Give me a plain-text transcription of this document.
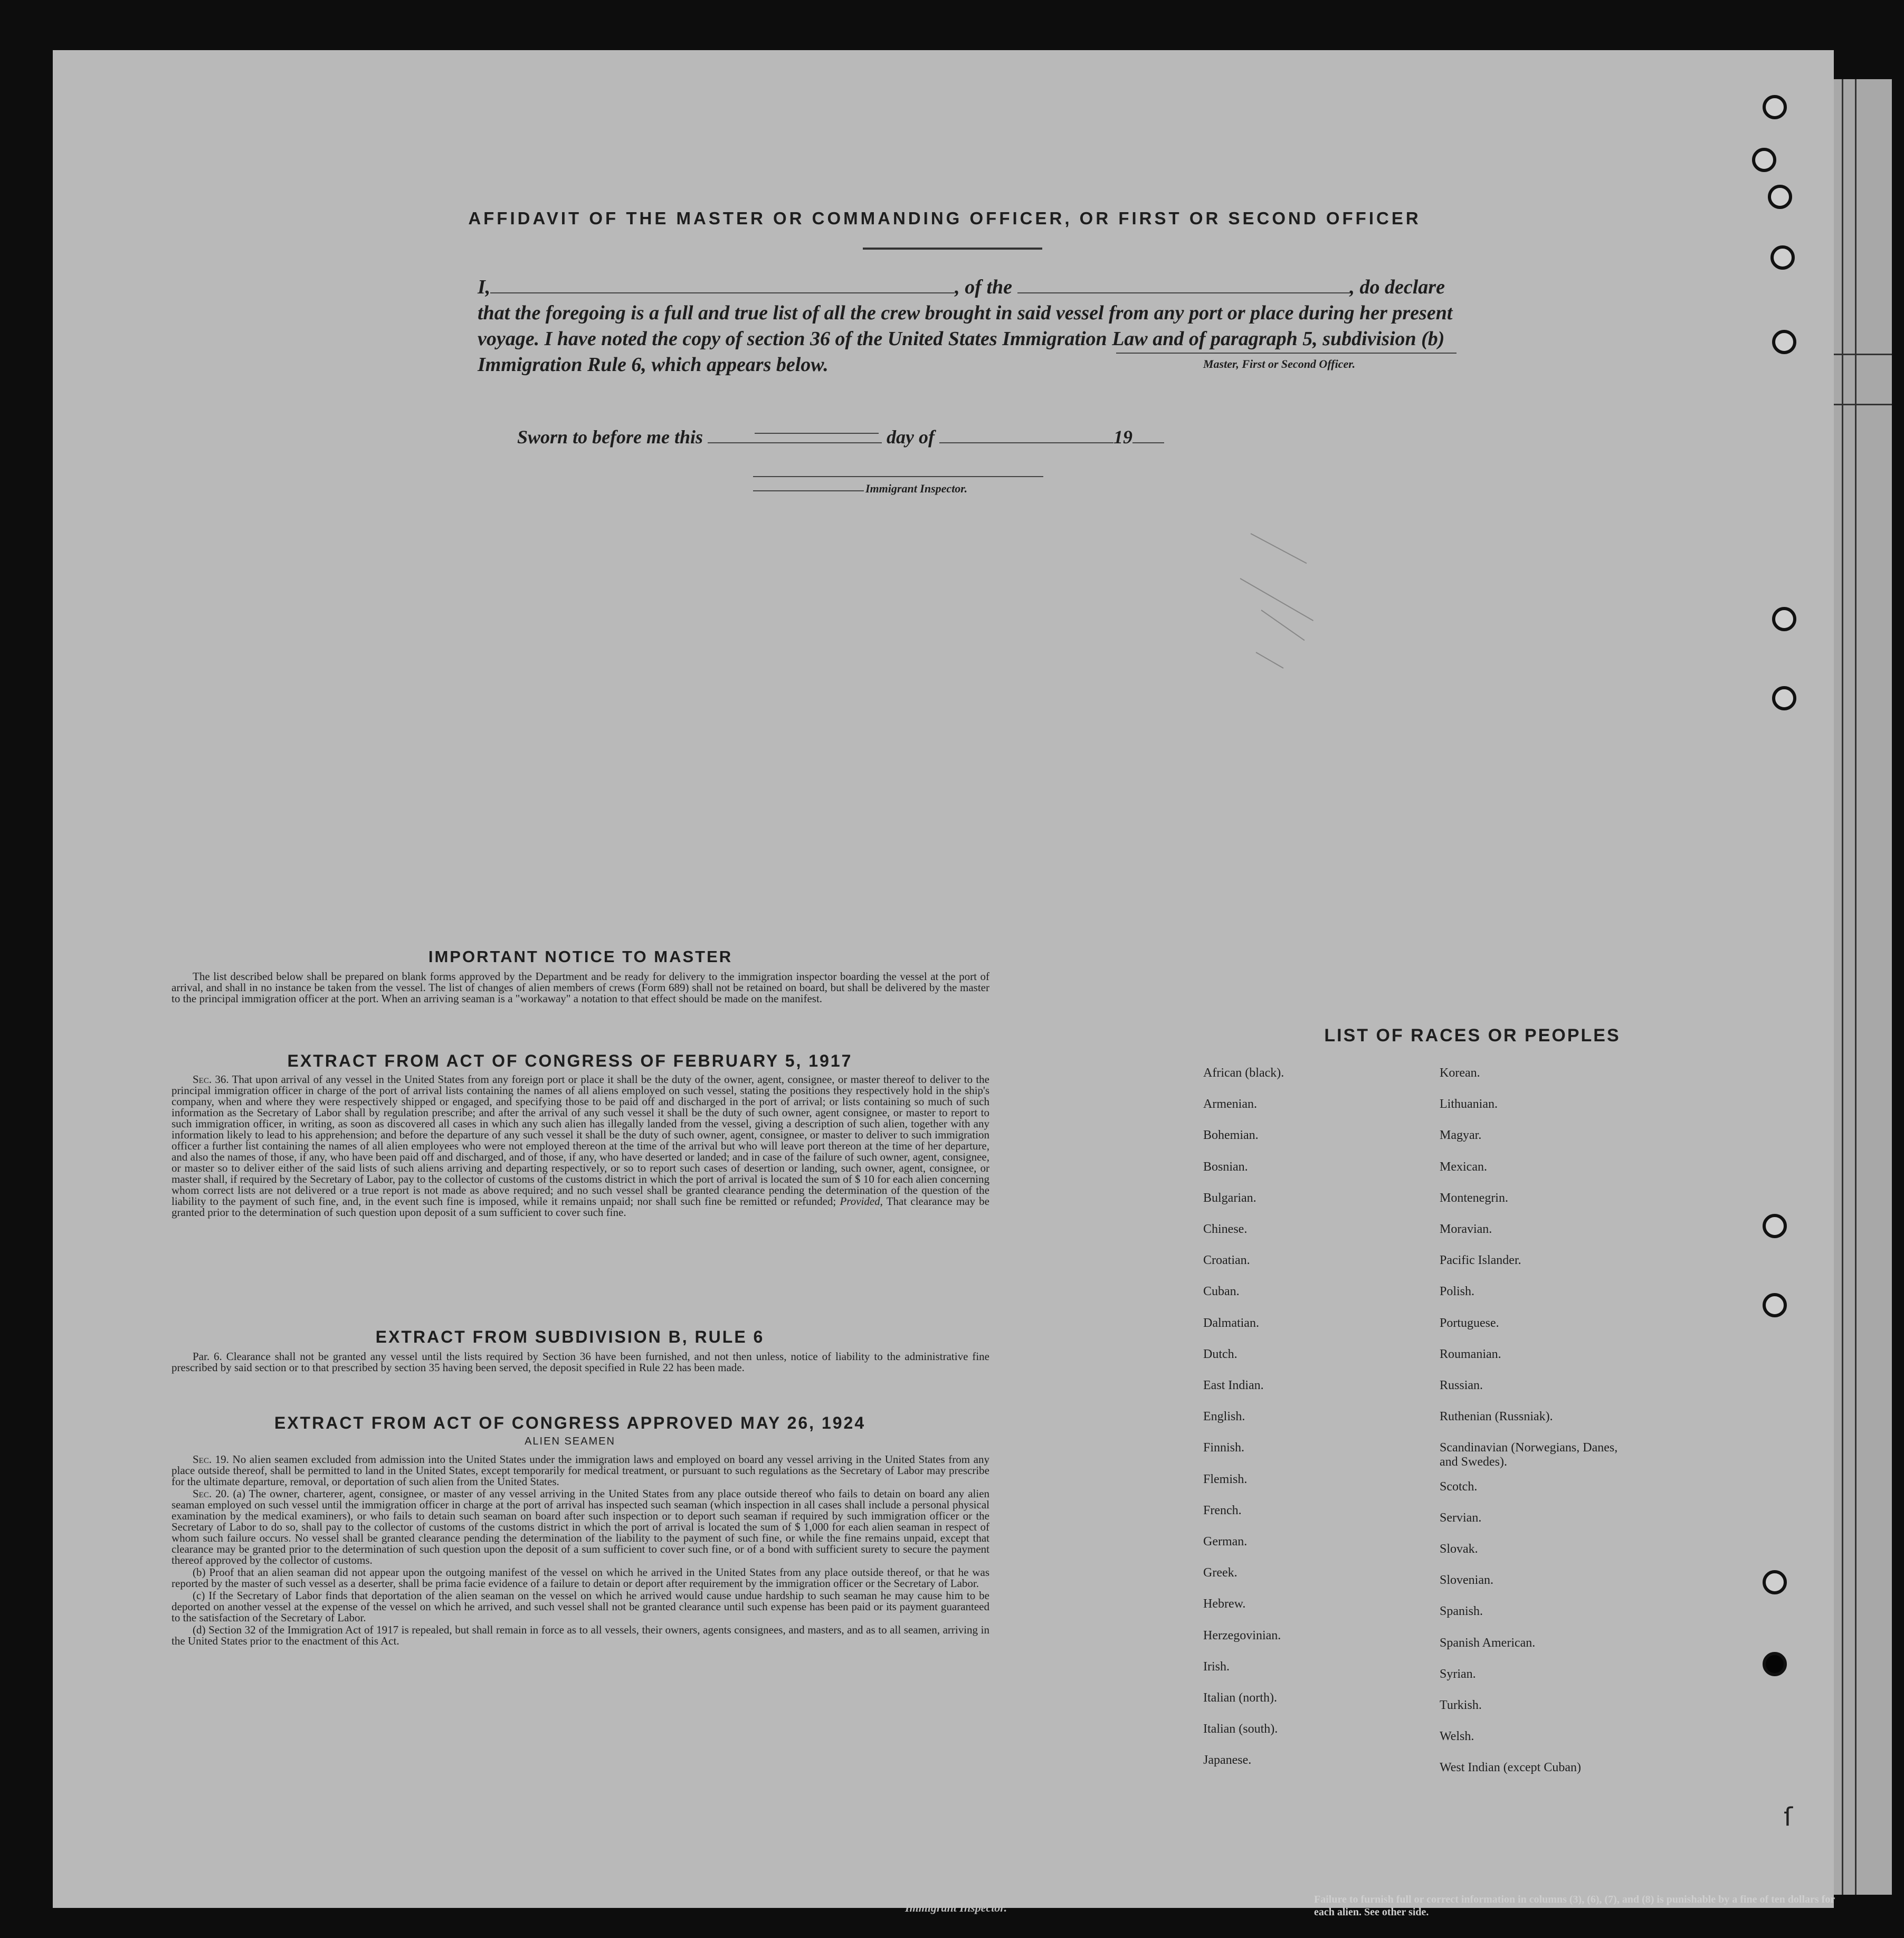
AFFIDAVIT OF THE MASTER OR COMMANDING OFFICER, OR FIRST OR SECOND OFFICER
I,	, of the	, do declare that the foregoing is a full and true list of all the crew brought in said vessel from any port or place during her present voyage. I have noted the copy of section 36 of the United States Immigration Law and of paragraph 5, subdivision (b) Immigration Rule 6, which appears below.	Master, First or Second Officer.
Sworn to before me this	day of	19
Immigrant Inspector.
IMPORTANT NOTICE TO MASTER

The list described below shall be prepared on blank forms approved by the Department and be ready for delivery to the immigration inspector boarding the vessel at the port of arrival, and shall in no instance be taken from the vessel. The list of changes of alien members of crews (Form 689) shall not be retained on board, but shall be delivered by the master to the principal immigration officer at the port. When an arriving seaman is a "workaway" a notation to that effect should be made on the manifest.

EXTRACT FROM ACT OF CONGRESS OF FEBRUARY 5, 1917

Sec. 36. That upon arrival of any vessel in the United States from any foreign port or place it shall be the duty of the owner, agent, consignee, or master thereof to deliver to the principal immigration officer in charge of the port of arrival lists containing the names of all aliens employed on such vessel, stating the positions they respectively hold in the ship's company, when and where they were respectively shipped or engaged, and specifying those to be paid off and discharged in the port of arrival; or lists containing so much of such information as the Secretary of Labor shall by regulation prescribe; and after the arrival of any such vessel it shall be the duty of such owner, agent consignee, or master to report to such immigration officer, in writing, as soon as discovered all cases in which any such alien has illegally landed from the vessel, giving a description of such alien, together with any information likely to lead to his apprehension; and before the departure of any such vessel it shall be the duty of such owner, agent, consignee, or master to deliver to such immigration officer a further list containing the names of all alien employees who were not employed thereon at the time of the arrival but who will leave port thereon at the time of her departure, and also the names of those, if any, who have been paid off and discharged, and of those, if any, who have deserted or landed; and in case of the failure of such owner, agent, consignee, or master so to deliver either of the said lists of such aliens arriving and departing respectively, or so to report such cases of desertion or landing, such owner, agent, consignee, or master shall, if required by the Secretary of Labor, pay to the collector of customs of the customs district in which the port of arrival is located the sum of $ 10 for each alien concerning whom correct lists are not delivered or a true report is not made as above required; and no such vessel shall be granted clearance pending the determination of the question of the liability to the payment of such fine, and, in the event such fine is imposed, while it remains unpaid; nor shall such fine be remitted or refunded; Provided, That clearance may be granted prior to the determination of such question upon deposit of a sum sufficient to cover such fine.

EXTRACT FROM SUBDIVISION B, RULE 6

Par. 6. Clearance shall not be granted any vessel until the lists required by Section 36 have been furnished, and not then unless, notice of liability to the administrative fine prescribed by said section or to that prescribed by section 35 having been served, the deposit specified in Rule 22 has been made.

EXTRACT FROM ACT OF CONGRESS APPROVED MAY 26, 1924
ALIEN SEAMEN

Sec. 19. No alien seamen excluded from admission into the United States under the immigration laws and employed on board any vessel arriving in the United States from any place outside thereof, shall be permitted to land in the United States, except temporarily for medical treatment, or pursuant to such regulations as the Secretary of Labor may prescribe for the ultimate departure, removal, or deportation of such alien from the United States.

Sec. 20. (a) The owner, charterer, agent, consignee, or master of any vessel arriving in the United States from any place outside thereof who fails to detain on board any alien seaman employed on such vessel until the immigration officer in charge at the port of arrival has inspected such seaman (which inspection in all cases shall include a personal physical examination by the medical examiners), or who fails to detain such seaman on board after such inspection or to deport such seaman if required by such immigration officer or the Secretary of Labor to do so, shall pay to the collector of customs of the customs district in which the port of arrival is located the sum of $ 1,000 for each alien seaman in respect of whom such failure occurs. No vessel shall be granted clearance pending the determination of the liability to the payment of such fine, or while the fine remains unpaid, except that clearance may be granted prior to the determination of such question upon the deposit of a sum sufficient to cover such fine, or of a bond with sufficient surety to secure the payment thereof approved by the collector of customs.

(b) Proof that an alien seaman did not appear upon the outgoing manifest of the vessel on which he arrived in the United States from any place outside thereof, or that he was reported by the master of such vessel as a deserter, shall be prima facie evidence of a failure to detain or deport after requirement by the immigration officer or the Secretary of Labor.

(c) If the Secretary of Labor finds that deportation of the alien seaman on the vessel on which he arrived would cause undue hardship to such seaman he may cause him to be deported on another vessel at the expense of the vessel on which he arrived, and such vessel shall not be granted clearance until such expense has been paid or its payment guaranteed to the satisfaction of the Secretary of Labor.

(d) Section 32 of the Immigration Act of 1917 is repealed, but shall remain in force as to all vessels, their owners, agents consignees, and masters, and as to all seamen, arriving in the United States prior to the enactment of this Act.

LIST OF RACES OR PEOPLES
ſ
African (black).
Armenian.
Bohemian.
Bosnian.
Bulgarian.
Chinese.
Croatian.
Cuban.
Dalmatian.
Dutch.
East Indian.
English.
Finnish.
Flemish.
French.
German.
Greek.
Hebrew.
Herzegovinian.
Irish.
Italian (north).
Italian (south).
Japanese.
Korean.
Lithuanian.
Magyar.
Mexican.
Montenegrin.
Moravian.
Pacific Islander.
Polish.
Portuguese.
Roumanian.
Russian.
Ruthenian (Russniak).
Scandinavian (Norwegians, Danes, and Swedes).
Scotch.
Servian.
Slovak.
Slovenian.
Spanish.
Spanish American.
Syrian.
Turkish.
Welsh.
West Indian (except Cuban)
Immigrant Inspector.
Failure to furnish full or correct information in columns (3), (6), (7), and (8) is punishable by a fine of ten dollars for each alien. See other side.
